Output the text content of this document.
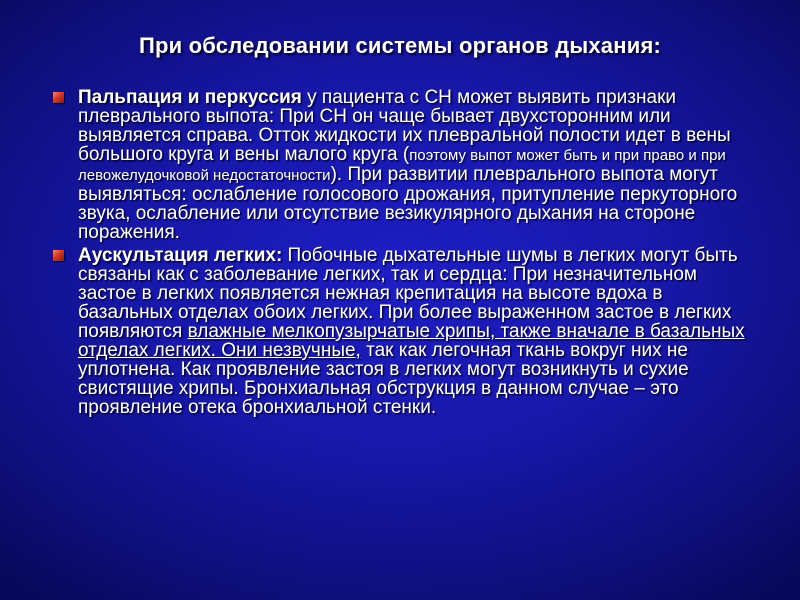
При обследовании системы органов дыхания:
Пальпация и перкуссия у пациента с СН может выявить признаки плеврального выпота: При СН он чаще бывает двухсторонним или выявляется справа. Отток жидкости их плевральной полости идет в вены большого круга и вены малого круга (поэтому выпот может быть и при право и при левожелудочковой недостаточности). При развитии плеврального выпота могут выявляться: ослабление голосового дрожания, притупление перкуторного звука, ослабление или отсутствие везикулярного дыхания на стороне поражения.
Аускультация легких: Побочные дыхательные шумы в легких могут быть связаны как с заболевание легких, так и сердца: При незначительном застое в легких появляется нежная крепитация на высоте вдоха в базальных отделах обоих легких. При более выраженном застое в легких появляются влажные мелкопузырчатые хрипы, также вначале в базальных отделах легких. Они незвучные, так как легочная ткань вокруг них не уплотнена. Как проявление застоя в легких могут возникнуть и сухие свистящие хрипы. Бронхиальная обструкция в данном случае – это проявление отека бронхиальной стенки.
